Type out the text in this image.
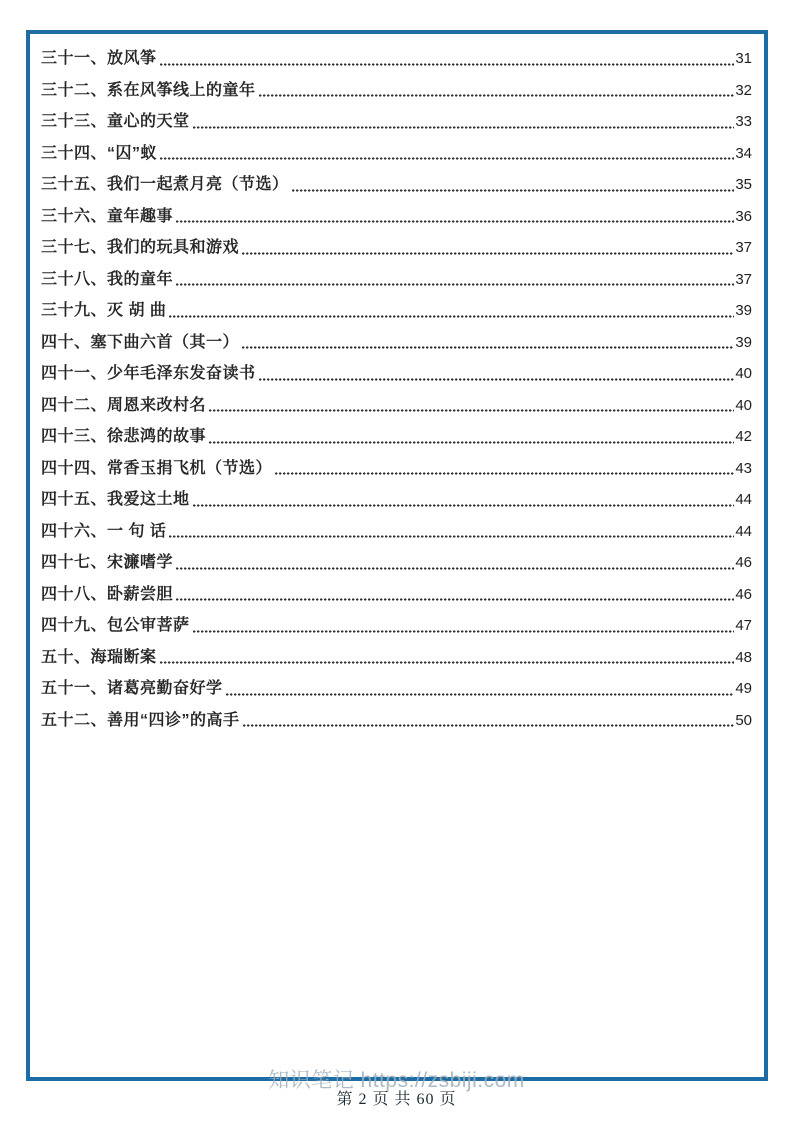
三十一、放风筝	31
三十二、系在风筝线上的童年	32
三十三、童心的天堂	33
三十四、“囚”蚁	34
三十五、我们一起煮月亮（节选）	35
三十六、童年趣事	36
三十七、我们的玩具和游戏	37
三十八、我的童年	37
三十九、灭 胡 曲	39
四十、塞下曲六首（其一）	39
四十一、少年毛泽东发奋读书	40
四十二、周恩来改村名	40
四十三、徐悲鸿的故事	42
四十四、常香玉捐飞机（节选）	43
四十五、我爱这土地	44
四十六、一 句 话	44
四十七、宋濂嗜学	46
四十八、卧薪尝胆	46
四十九、包公审菩萨	47
五十、海瑞断案	48
五十一、诸葛亮勤奋好学	49
五十二、善用“四诊”的高手	50
知识笔记 https://zsbiji.com
第 2 页 共 60 页
